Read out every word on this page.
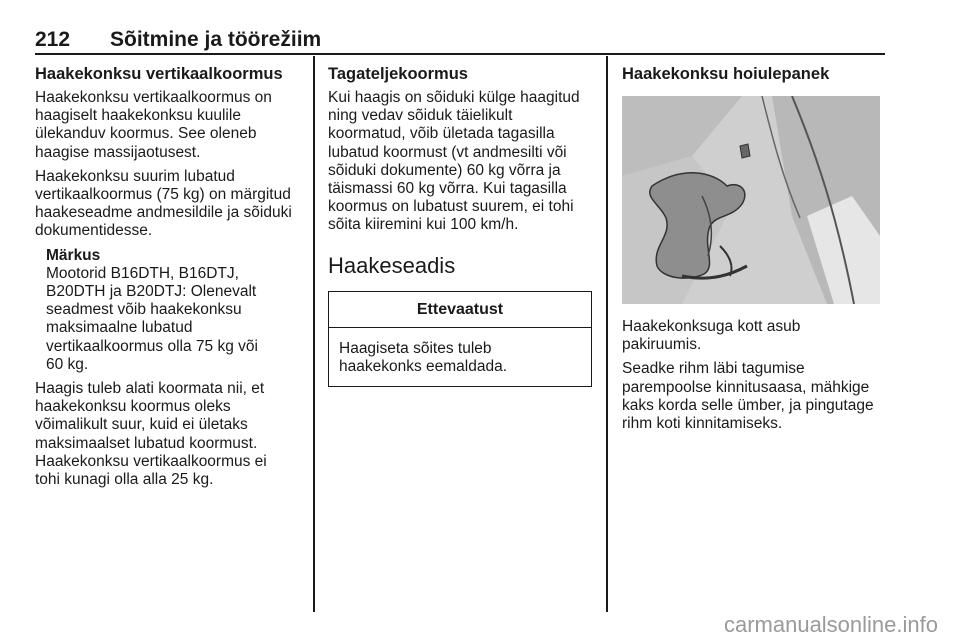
212 Sõitmine ja töörežiim
Haakekonksu vertikaalkoormus

Haakekonksu vertikaalkoormus on
haagiselt haakekonksu kuulile
ülekanduv koormus. See oleneb
haagise massijaotusest.

Haakekonksu suurim lubatud
vertikaalkoormus (75 kg) on märgitud
haakeseadme andmesildile ja sõiduki
dokumentidesse.

Märkus
Mootorid B16DTH, B16DTJ,
B20DTH ja B20DTJ: Olenevalt
seadmest võib haakekonksu
maksimaalne lubatud
vertikaalkoormus olla 75 kg või
60 kg.

Haagis tuleb alati koormata nii, et
haakekonksu koormus oleks
võimalikult suur, kuid ei ületaks
maksimaalset lubatud koormust.
Haakekonksu vertikaalkoormus ei
tohi kunagi olla alla 25 kg.

Tagateljekoormus

Kui haagis on sõiduki külge haagitud
ning vedav sõiduk täielikult
koormatud, võib ületada tagasilla
lubatud koormust (vt andmesilti või
sõiduki dokumente) 60 kg võrra ja
täismassi 60 kg võrra. Kui tagasilla
koormus on lubatust suurem, ei tohi
sõita kiiremini kui 100 km/h.

Haakeseadis
Ettevaatust
Haagiseta sõites tuleb
haakekonks eemaldada.
Haakekonksu hoiulepanek

Haakekonksuga kott asub
pakiruumis.

Seadke rihm läbi tagumise
parempoolse kinnitusaasa, mähkige
kaks korda selle ümber, ja pingutage
rihm koti kinnitamiseks.

carmanualsonline.info
